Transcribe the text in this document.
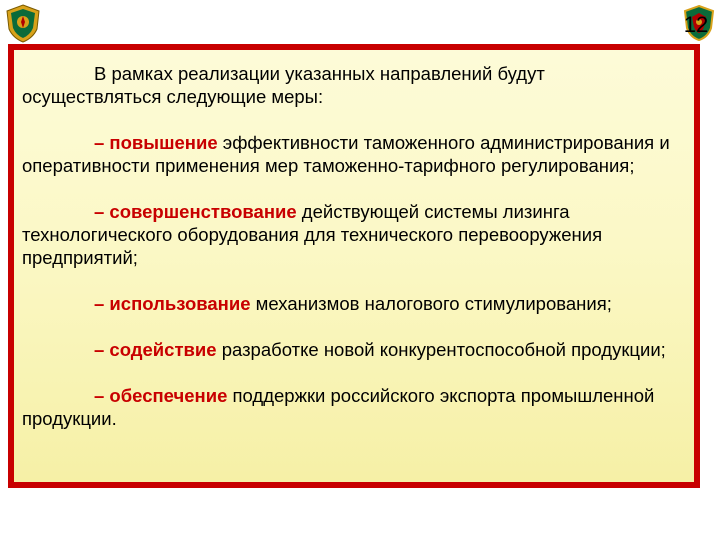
12

В рамках реализации указанных направлений будут осуществляться следующие меры:

– повышение эффективности таможенного администрирования и оперативности применения мер таможенно-тарифного регулирования;

– совершенствование действующей системы лизинга технологического оборудования для технического перевооружения предприятий;

– использование механизмов налогового стимулирования;

– содействие разработке новой конкурентоспособной продукции;

– обеспечение поддержки российского экспорта промышленной продукции.
